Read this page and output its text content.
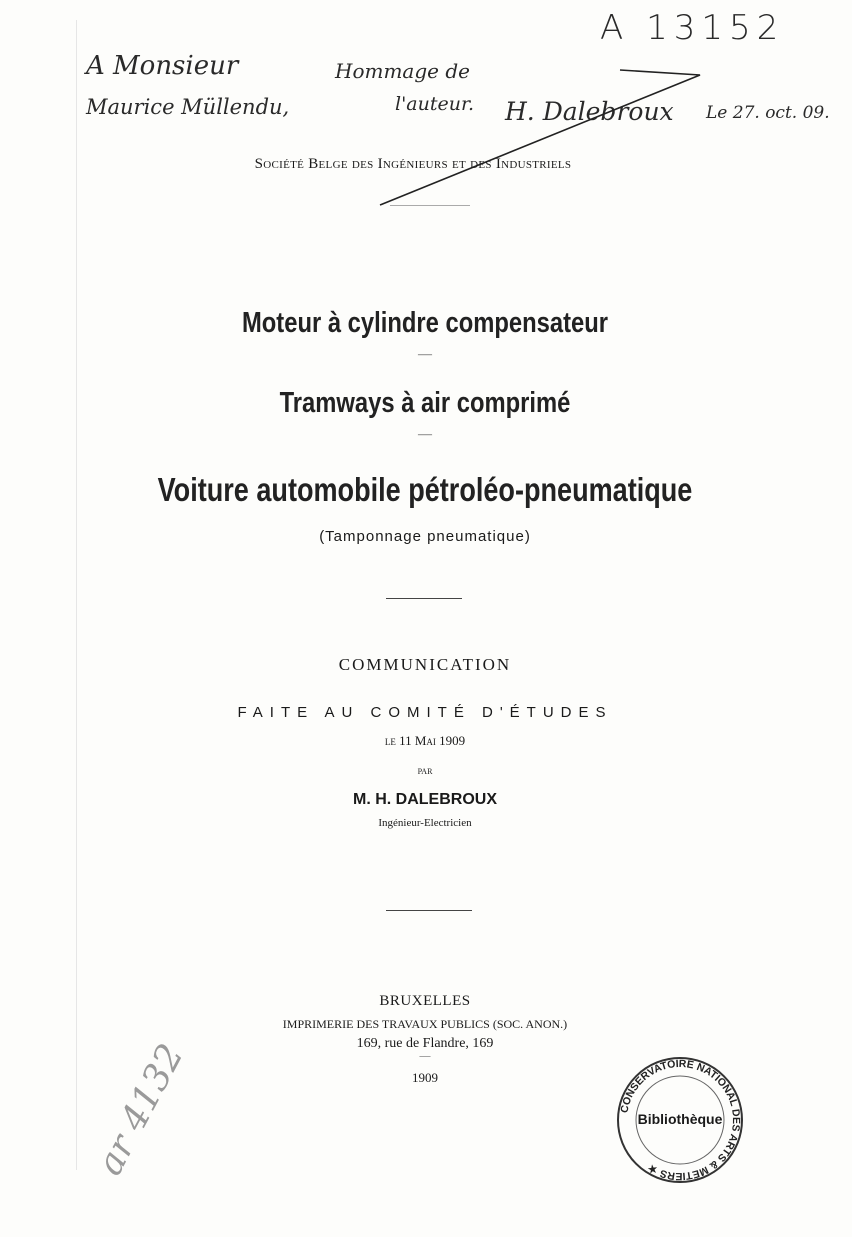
A 13152
A Monsieur
Maurice Müllendu,
Hommage de
l'auteur. H. Dalebroux Le 27. oct. 09.
ar 4132
Société Belge des Ingénieurs et des Industriels
Moteur à cylindre compensateur
—
Tramways à air comprimé
—
Voiture automobile pétroléo-pneumatique
(Tamponnage pneumatique)
COMMUNICATION
FAITE AU COMITÉ D'ÉTUDES
le 11 Mai 1909
PAR
M. H. DALEBROUX
Ingénieur-Electricien
BRUXELLES
IMPRIMERIE DES TRAVAUX PUBLICS (SOC. ANON.)
169, rue de Flandre, 169
—
1909
CONSERVATOIRE NATIONAL DES ARTS & MÉTIERS ★
Bibliothèque
